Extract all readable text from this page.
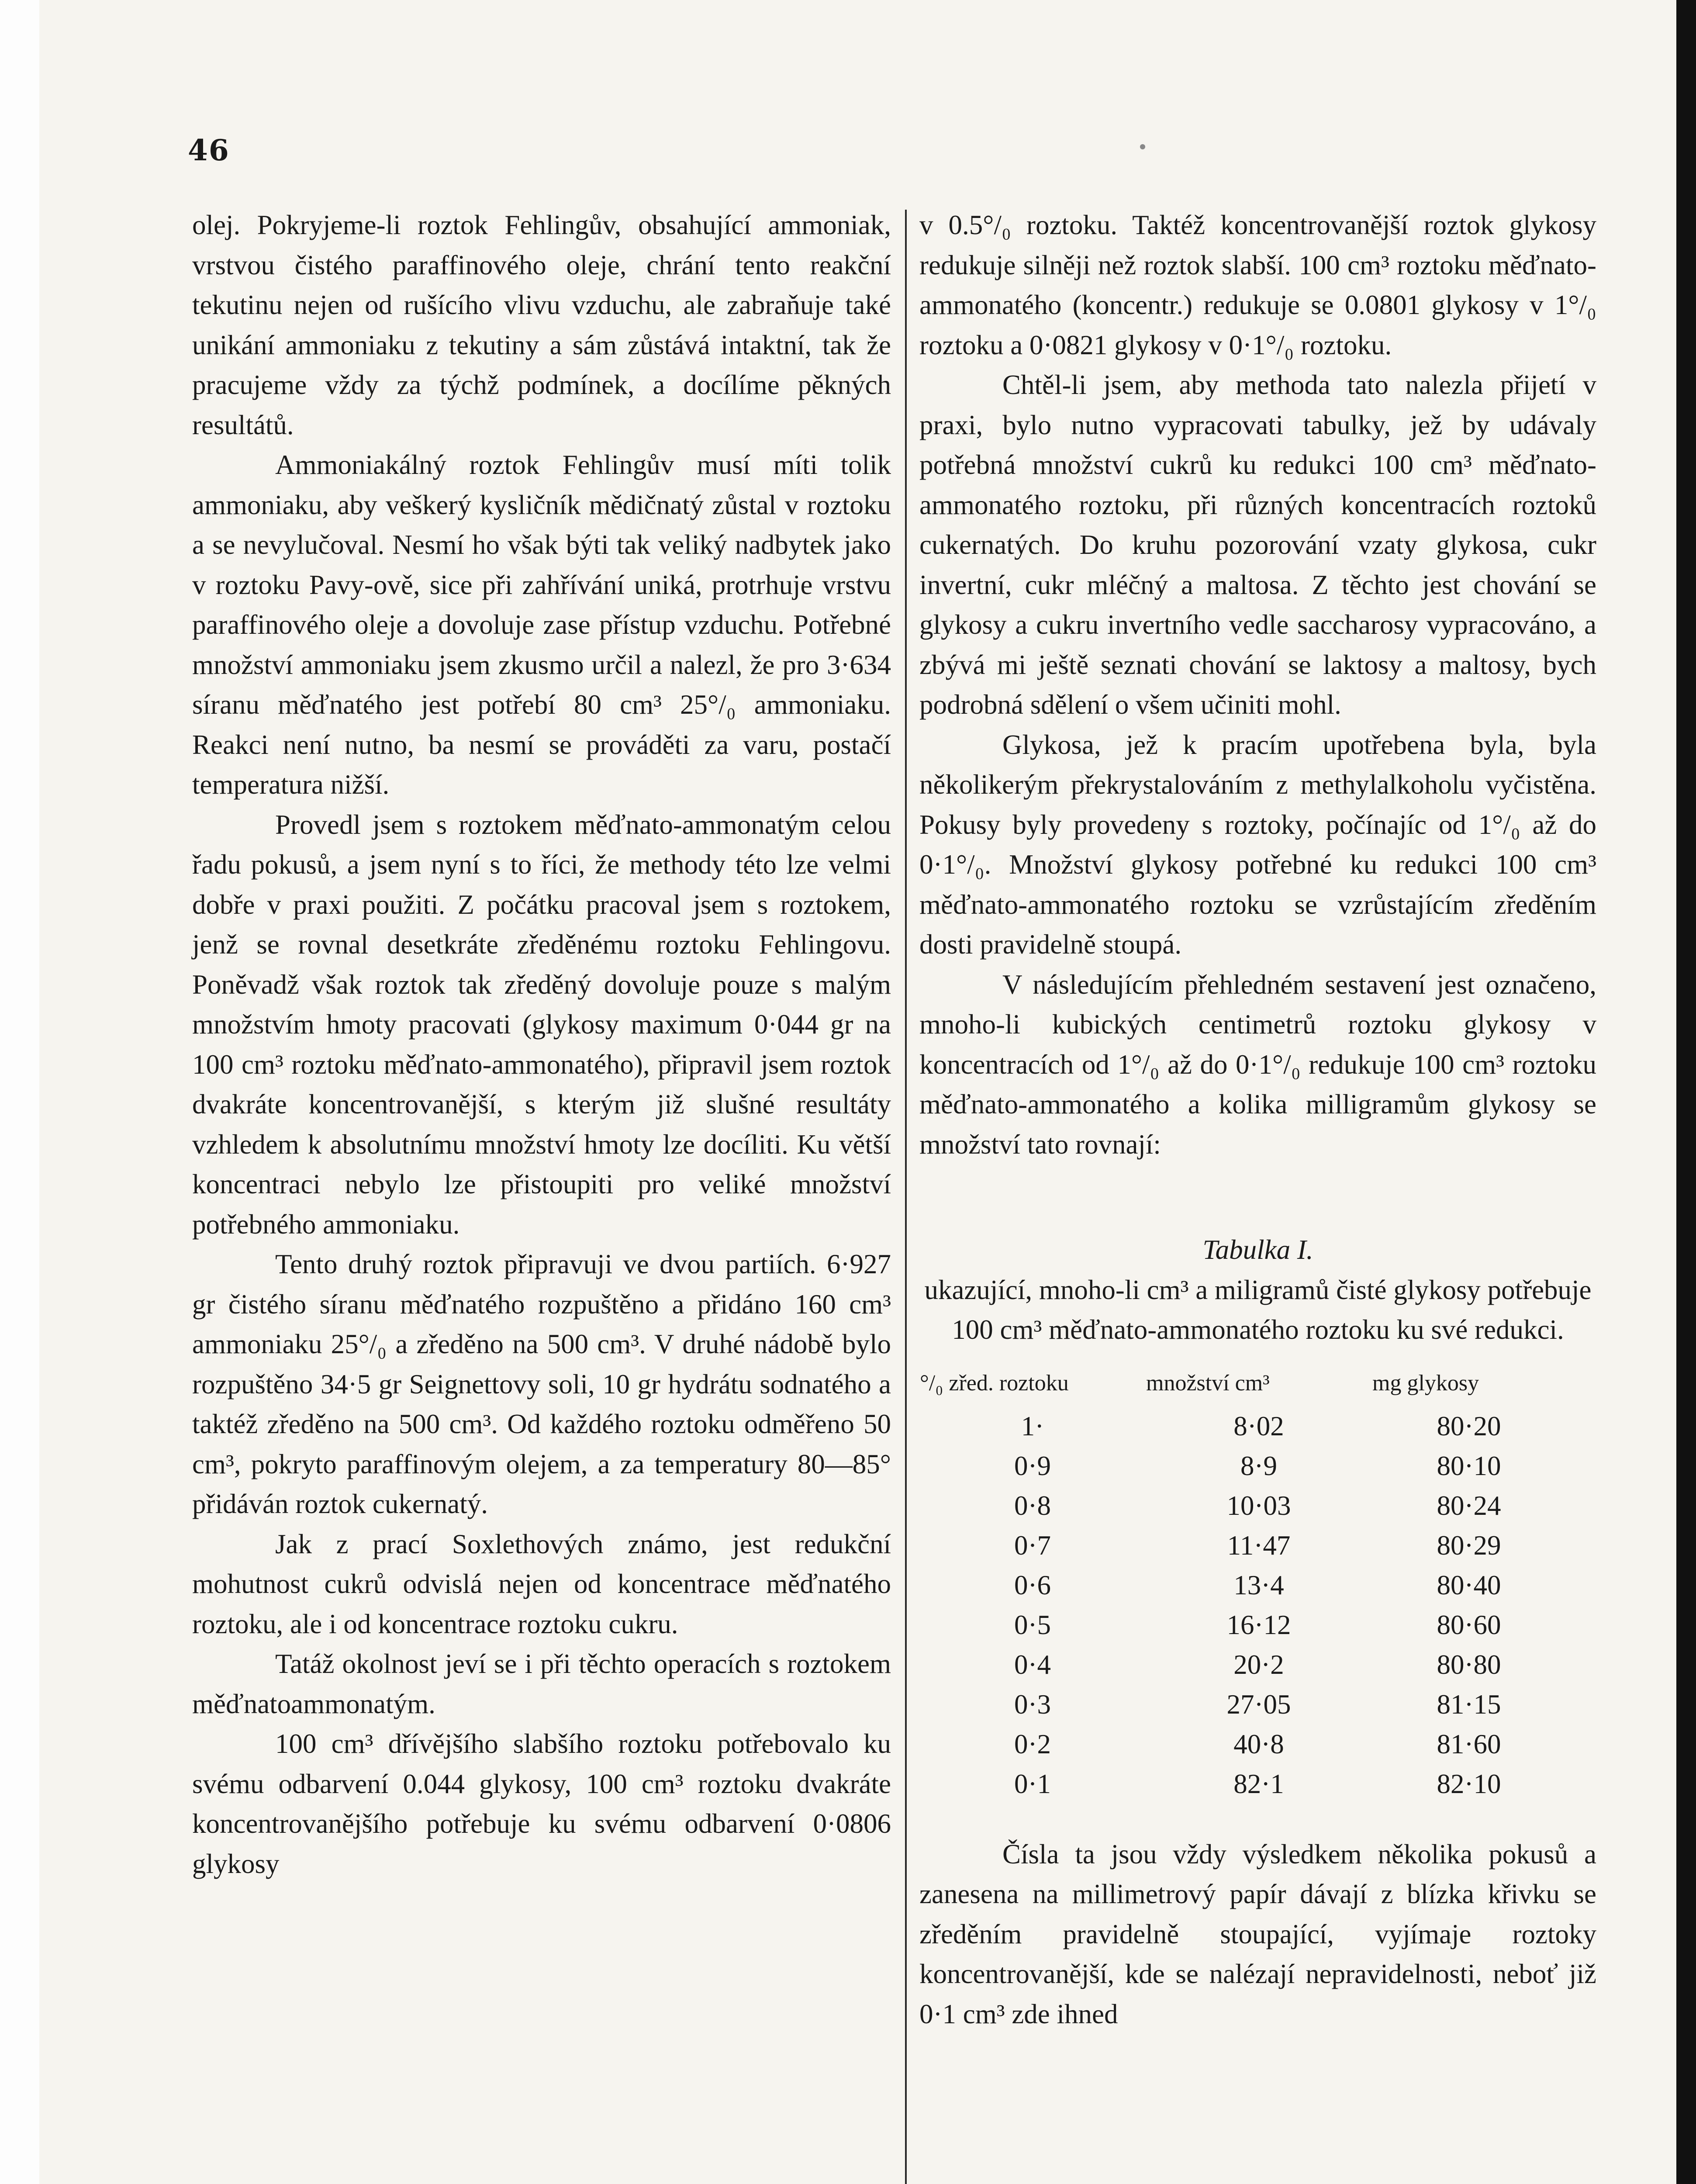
46

olej. Pokryjeme-li roztok Fehlingův, obsahující ammoniak, vrstvou čistého paraffinového oleje, chrání tento reakční tekutinu nejen od rušícího vlivu vzduchu, ale zabraňuje také unikání ammoniaku z tekutiny a sám zůstává intaktní, tak že pracujeme vždy za týchž podmínek, a docílíme pěkných resultátů.

Ammoniakálný roztok Fehlingův musí míti tolik ammoniaku, aby veškerý kysličník mědičnatý zůstal v roztoku a se nevylučoval. Nesmí ho však býti tak veliký nadbytek jako v roztoku Pavy-ově, sice při zahřívání uniká, protrhuje vrstvu paraffinového oleje a dovoluje zase přístup vzduchu. Potřebné množství ammoniaku jsem zkusmo určil a nalezl, že pro 3·634 síranu měďnatého jest potřebí 80 cm³ 25°/₀ ammoniaku. Reakci není nutno, ba nesmí se prováděti za varu, postačí temperatura nižší.

Provedl jsem s roztokem měďnato-ammonatým celou řadu pokusů, a jsem nyní s to říci, že methody této lze velmi dobře v praxi použiti. Z počátku pracoval jsem s roztokem, jenž se rovnal desetkráte zředěnému roztoku Fehlingovu. Poněvadž však roztok tak zředěný dovoluje pouze s malým množstvím hmoty pracovati (glykosy maximum 0·044 gr na 100 cm³ roztoku měďnato-ammonatého), připravil jsem roztok dvakráte koncentrovanější, s kterým již slušné resultáty vzhledem k absolutnímu množství hmoty lze docíliti. Ku větší koncentraci nebylo lze přistoupiti pro veliké množství potřebného ammoniaku.

Tento druhý roztok připravuji ve dvou partiích. 6·927 gr čistého síranu měďnatého rozpuštěno a přidáno 160 cm³ ammoniaku 25°/₀ a zředěno na 500 cm³. V druhé nádobě bylo rozpuštěno 34·5 gr Seignettovy soli, 10 gr hydrátu sodnatého a taktéž zředěno na 500 cm³. Od každého roztoku odměřeno 50 cm³, pokryto paraffinovým olejem, a za temperatury 80—85° přidáván roztok cukernatý.

Jak z prací Soxlethových známo, jest redukční mohutnost cukrů odvislá nejen od koncentrace měďnatého roztoku, ale i od koncentrace roztoku cukru.

Tatáž okolnost jeví se i při těchto operacích s roztokem měďnatoammonatým.

100 cm³ dřívějšího slabšího roztoku potřebovalo ku svému odbarvení 0.044 glykosy, 100 cm³ roztoku dvakráte koncentrovanějšího potřebuje ku svému odbarvení 0·0806 glykosy

v 0.5°/₀ roztoku. Taktéž koncentrovanější roztok glykosy redukuje silněji než roztok slabší. 100 cm³ roztoku měďnato-ammonatého (koncentr.) redukuje se 0.0801 glykosy v 1°/₀ roztoku a 0·0821 glykosy v 0·1°/₀ roztoku.

Chtěl-li jsem, aby methoda tato nalezla přijetí v praxi, bylo nutno vypracovati tabulky, jež by udávaly potřebná množství cukrů ku redukci 100 cm³ měďnato-ammonatého roztoku, při různých koncentracích roztoků cukernatých. Do kruhu pozorování vzaty glykosa, cukr invertní, cukr mléčný a maltosa. Z těchto jest chování se glykosy a cukru invertního vedle saccharosy vypracováno, a zbývá mi ještě seznati chování se laktosy a maltosy, bych podrobná sdělení o všem učiniti mohl.

Glykosa, jež k pracím upotřebena byla, byla několikerým překrystalováním z methylalkoholu vyčistěna. Pokusy byly provedeny s roztoky, počínajíc od 1°/₀ až do 0·1°/₀. Množství glykosy potřebné ku redukci 100 cm³ měďnato-ammonatého roztoku se vzrůstajícím zředěním dosti pravidelně stoupá.

V následujícím přehledném sestavení jest označeno, mnoho-li kubických centimetrů roztoku glykosy v koncentracích od 1°/₀ až do 0·1°/₀ redukuje 100 cm³ roztoku měďnato-ammonatého a kolika milligramům glykosy se množství tato rovnají:

Tabulka I.

ukazující, mnoho-li cm³ a miligramů čisté glykosy potřebuje 100 cm³ měďnato-ammonatého roztoku ku své redukci.

°/₀ zřed. roztoku	množství cm³	mg glykosy
1·	8·02	80·20
0·9	8·9	80·10
0·8	10·03	80·24
0·7	11·47	80·29
0·6	13·4	80·40
0·5	16·12	80·60
0·4	20·2	80·80
0·3	27·05	81·15
0·2	40·8	81·60
0·1	82·1	82·10

Čísla ta jsou vždy výsledkem několika pokusů a zanesena na millimetrový papír dávají z blízka křivku se zředěním pravidelně stoupající, vyjímaje roztoky koncentrovanější, kde se nalézají nepravidelnosti, neboť již 0·1 cm³ zde ihned
